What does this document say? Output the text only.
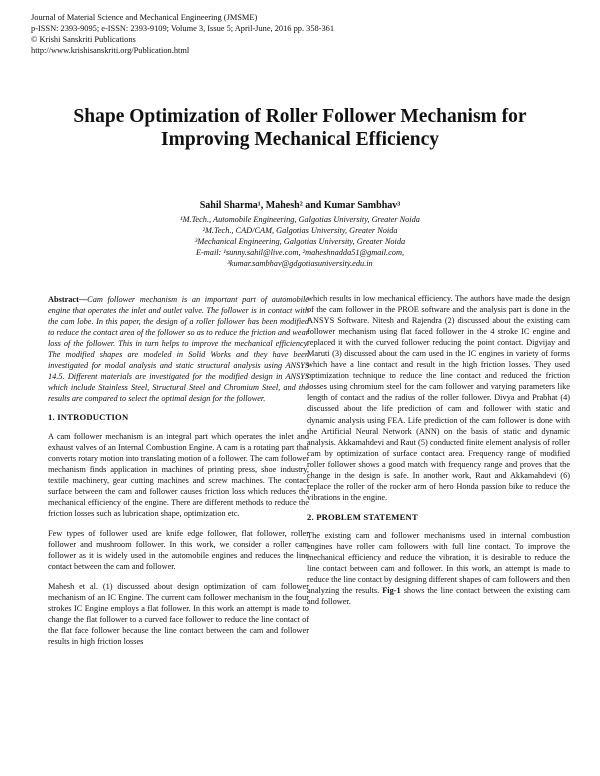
Journal of Material Science and Mechanical Engineering (JMSME)
p-ISSN: 2393-9095; e-ISSN: 2393-9109; Volume 3, Issue 5; April-June, 2016 pp. 358-361
© Krishi Sanskriti Publications
http://www.krishisanskriti.org/Publication.html
Shape Optimization of Roller Follower Mechanism for Improving Mechanical Efficiency
Sahil Sharma¹, Mahesh² and Kumar Sambhav³
¹M.Tech., Automobile Engineering, Galgotias University, Greater Noida
²M.Tech., CAD/CAM, Galgotias University, Greater Noida
³Mechanical Engineering, Galgotias University, Greater Noida
E-mail: ¹sunny.sahil@live.com, ²maheshnadda51@gmail.com,
³kumar.sambhav@gdgotiasuniversity.edu.in

Abstract—Cam follower mechanism is an important part of automobile engine that operates the inlet and outlet valve. The follower is in contact with the cam lobe. In this paper, the design of a roller follower has been modified to reduce the contact area of the follower so as to reduce the friction and wear loss of the follower. This in turn helps to improve the mechanical efficiency. The modified shapes are modeled in Solid Works and they have been investigated for modal analysis and static structural analysis using ANSYS 14.5. Different materials are investigated for the modified design in ANSYS which include Stainless Steel, Structural Steel and Chromium Steel, and the results are compared to select the optimal design for the follower.

1. INTRODUCTION

A cam follower mechanism is an integral part which operates the inlet and exhaust valves of an Internal Combustion Engine. A cam is a rotating part that converts rotary motion into translating motion of a follower. The cam follower mechanism finds application in machines of printing press, shoe industry, textile machinery, gear cutting machines and screw machines. The contact surface between the cam and follower causes friction loss which reduces the mechanical efficiency of the engine. There are different methods to reduce the friction losses such as lubrication shape, optimization etc.

Few types of follower used are knife edge follower, flat follower, roller follower and mushroom follower. In this work, we consider a roller cam follower as it is widely used in the automobile engines and reduces the line contact between the cam and follower.

Mahesh et al. (1) discussed about design optimization of cam follower mechanism of an IC Engine. The current cam follower mechanism in the four strokes IC Engine employs a flat follower. In this work an attempt is made to change the flat follower to a curved face follower to reduce the line contact of the flat face follower because the line contact between the cam and follower results in high friction losses

which results in low mechanical efficiency. The authors have made the design of the cam follower in the PROE software and the analysis part is done in the ANSYS Software. Nitesh and Rajendra (2) discussed about the existing cam follower mechanism using flat faced follower in the 4 stroke IC engine and replaced it with the curved follower reducing the point contact. Digvijay and Maruti (3) discussed about the cam used in the IC engines in variety of forms which have a line contact and result in the high friction losses. They used optimization technique to reduce the line contact and reduced the friction losses using chromium steel for the cam follower and varying parameters like length of contact and the radius of the roller follower. Divya and Prabhat (4) discussed about the life prediction of cam and follower with static and dynamic analysis using FEA. Life prediction of the cam follower is done with the Artificial Neural Network (ANN) on the basis of static and dynamic analysis. Akkamahdevi and Raut (5) conducted finite element analysis of roller cam by optimization of surface contact area. Frequency range of modified roller follower shows a good match with frequency range and proves that the change in the design is safe. In another work, Raut and Akkamahdevi (6) replace the roller of the rocker arm of hero Honda passion bike to reduce the vibrations in the engine.

2. PROBLEM STATEMENT

The existing cam and follower mechanisms used in internal combustion engines have roller cam followers with full line contact. To improve the mechanical efficiency and reduce the vibration, it is desirable to reduce the line contact between cam and follower. In this work, an attempt is made to reduce the line contact by designing different shapes of cam followers and then analyzing the results. Fig-1 shows the line contact between the existing cam and follower.
